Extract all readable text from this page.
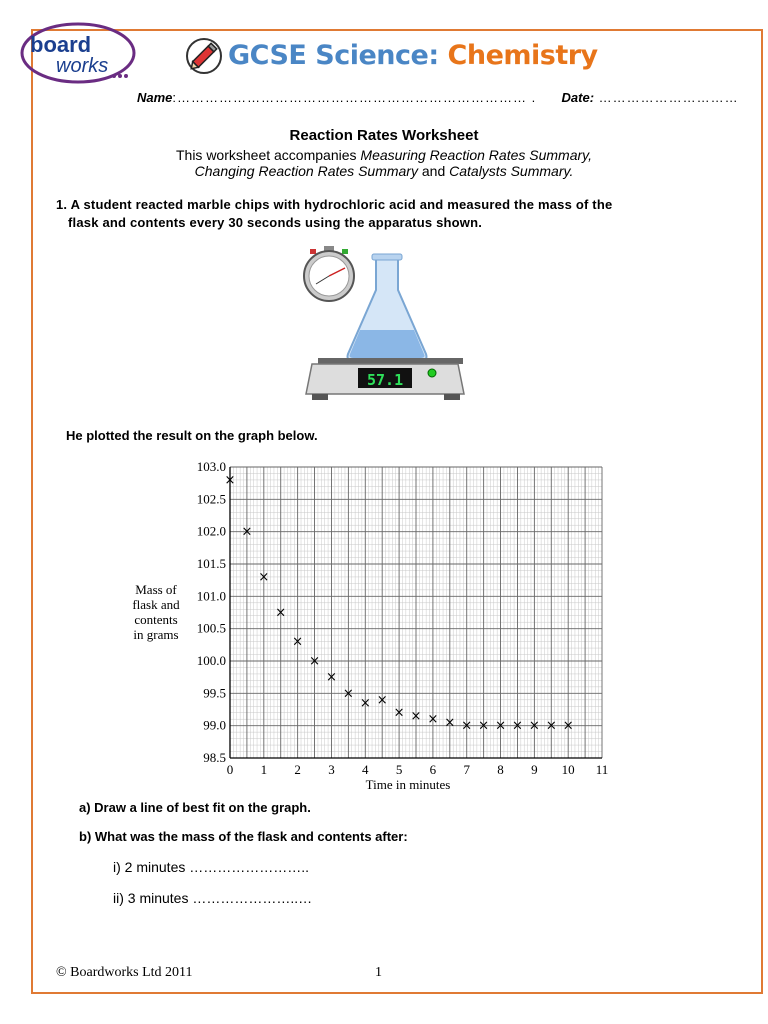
board
works	GCSE Science: Chemistry
Name:………………………………………………………………… . Date: …………………………
Reaction Rates Worksheet
This worksheet accompanies Measuring Reaction Rates Summary,
Changing Reaction Rates Summary and Catalysts Summary.
1. A student reacted marble chips with hydrochloric acid and measured the mass of the
flask and contents every 30 seconds using the apparatus shown.
57.1
He plotted the result on the graph below.
103.0
102.5
102.0
101.5
101.0
100.5
100.0
99.5
99.0
98.5
0 1 2 3 4 5 6 7 8 9 10 11
Mass of
flask and
contents
in grams
Time in minutes
×
×
×
×
×
×
×
×
× ×
× × × × × × × × × × ×
a) Draw a line of best fit on the graph.
b) What was the mass of the flask and contents after:
i) 2 minutes ……………………..
ii) 3 minutes …………………..…
© Boardworks Ltd 2011	1
